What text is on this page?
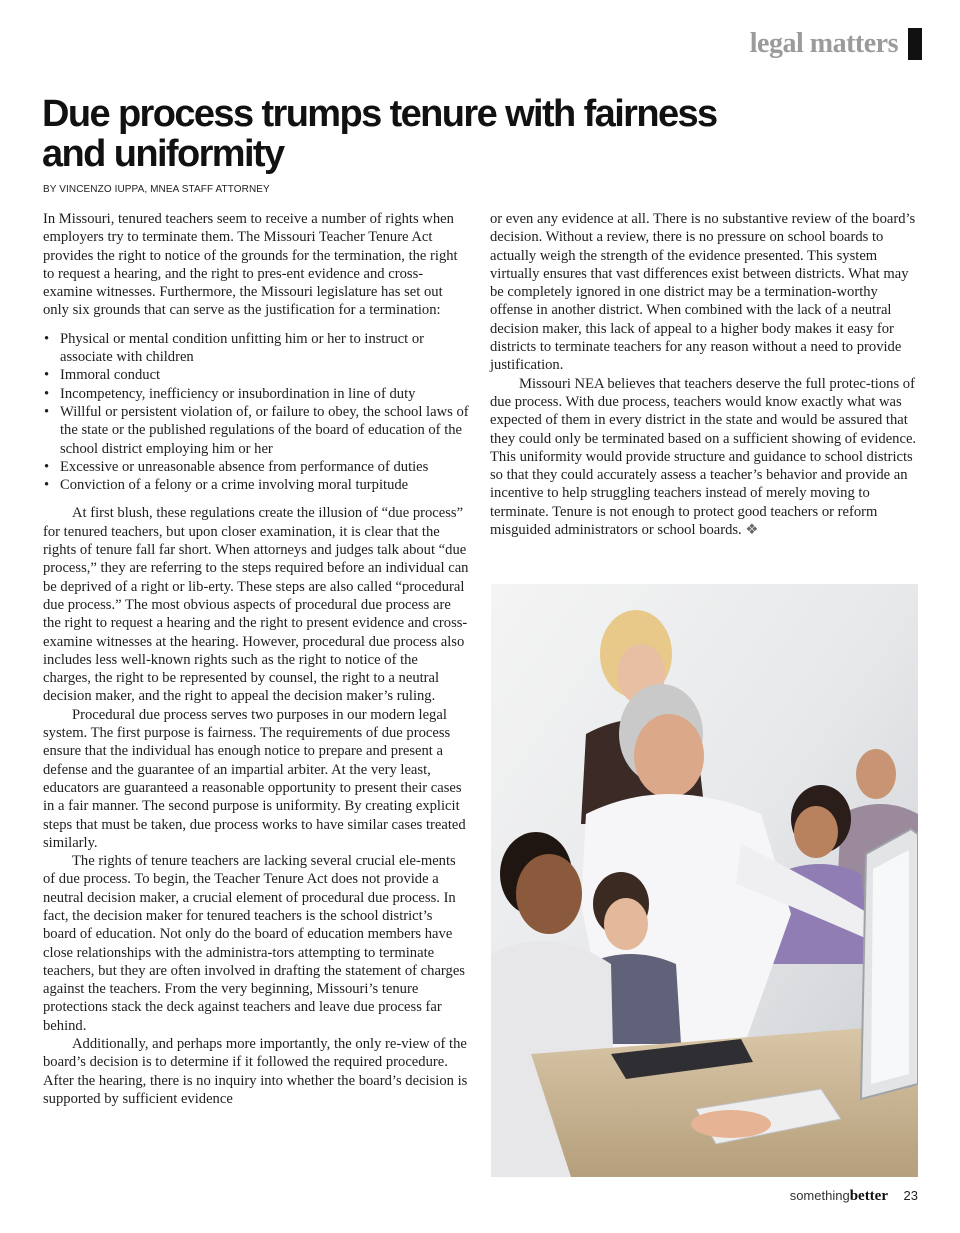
legal matters
Due process trumps tenure with fairness and uniformity
BY VINCENZO IUPPA, MNEA STAFF ATTORNEY

In Missouri, tenured teachers seem to receive a number of rights when employers try to terminate them. The Missouri Teacher Tenure Act provides the right to notice of the grounds for the termination, the right to request a hearing, and the right to pres-ent evidence and cross-examine witnesses. Furthermore, the Missouri legislature has set out only six grounds that can serve as the justification for a termination:

• Physical or mental condition unfitting him or her to instruct or associate with children
• Immoral conduct
• Incompetency, inefficiency or insubordination in line of duty
• Willful or persistent violation of, or failure to obey, the school laws of the state or the published regulations of the board of education of the school district employing him or her
• Excessive or unreasonable absence from performance of duties
• Conviction of a felony or a crime involving moral turpitude

At first blush, these regulations create the illusion of “due process” for tenured teachers, but upon closer examination, it is clear that the rights of tenure fall far short. When attorneys and judges talk about “due process,” they are referring to the steps required before an individual can be deprived of a right or lib-erty. These steps are also called “procedural due process.” The most obvious aspects of procedural due process are the right to request a hearing and the right to present evidence and cross-examine witnesses at the hearing. However, procedural due process also includes less well-known rights such as the right to notice of the charges, the right to be represented by counsel, the right to a neutral decision maker, and the right to appeal the decision maker’s ruling.

Procedural due process serves two purposes in our modern legal system. The first purpose is fairness. The requirements of due process ensure that the individual has enough notice to prepare and present a defense and the guarantee of an impartial arbiter. At the very least, educators are guaranteed a reasonable opportunity to present their cases in a fair manner. The second purpose is uniformity. By creating explicit steps that must be taken, due process works to have similar cases treated similarly.

The rights of tenure teachers are lacking several crucial ele-ments of due process. To begin, the Teacher Tenure Act does not provide a neutral decision maker, a crucial element of procedural due process. In fact, the decision maker for tenured teachers is the school district’s board of education. Not only do the board of education members have close relationships with the administra-tors attempting to terminate teachers, but they are often involved in drafting the statement of charges against the teachers. From the very beginning, Missouri’s tenure protections stack the deck against teachers and leave due process far behind.

Additionally, and perhaps more importantly, the only re-view of the board’s decision is to determine if it followed the required procedure. After the hearing, there is no inquiry into whether the board’s decision is supported by sufficient evidence

or even any evidence at all. There is no substantive review of the board’s decision. Without a review, there is no pressure on school boards to actually weigh the strength of the evidence presented. This system virtually ensures that vast differences exist between districts. What may be completely ignored in one district may be a termination-worthy offense in another district. When combined with the lack of a neutral decision maker, this lack of appeal to a higher body makes it easy for districts to terminate teachers for any reason without a need to provide justification.

Missouri NEA believes that teachers deserve the full protec-tions of due process. With due process, teachers would know exactly what was expected of them in every district in the state and would be assured that they could only be terminated based on a sufficient showing of evidence. This uniformity would provide structure and guidance to school districts so that they could accurately assess a teacher’s behavior and provide an incentive to help struggling teachers instead of merely moving to terminate. Tenure is not enough to protect good teachers or reform misguided administrators or school boards. ❖

somethingbetter 23
